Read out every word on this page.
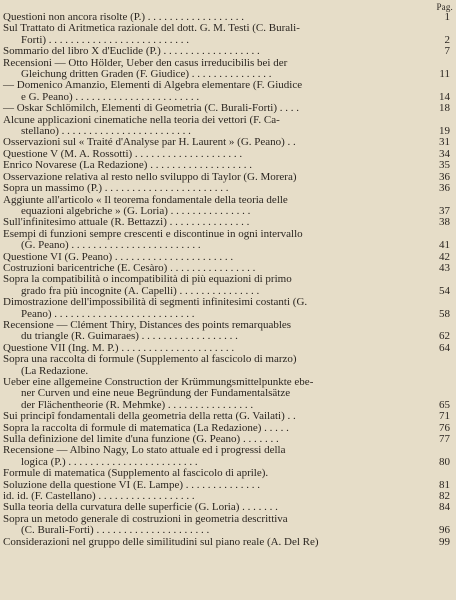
Pag.
Questioni non ancora risolte (P.) . . . . . . . . . . . . . . . . . .	1
Sul Trattato di Aritmetica razionale del dott. G. M. Testi (C. Burali-
Forti) . . . . . . . . . . . . . . . . . . . . . . . . . .	2
Sommario del libro X d'Euclide (P.) . . . . . . . . . . . . . . . . . .	7
Recensioni — Otto Hölder, Ueber den casus irreducibilis bei der
Gleichung dritten Graden (F. Giudice) . . . . . . . . . . . . . . .	11
— Domenico Amanzio, Elementi di Algebra elementare (F. Giudice
e G. Peano) . . . . . . . . . . . . . . . . . . . . . . .	14
— Oskar Schlömilch, Elementi di Geometria (C. Burali-Forti) . . . .	18
Alcune applicazioni cinematiche nella teoria dei vettori (F. Ca-
stellano) . . . . . . . . . . . . . . . . . . . . . . . .	19
Osservazioni sul « Traité d'Analyse par H. Laurent » (G. Peano) . .	31
Questione V (M. A. Rossotti) . . . . . . . . . . . . . . . . . . . .	34
Enrico Novarese (La Redazione) . . . . . . . . . . . . . . . . . . .	35
Osservazione relativa al resto nello sviluppo di Taylor (G. Morera)	36
Sopra un massimo (P.) . . . . . . . . . . . . . . . . . . . . . . .	36
Aggiunte all'articolo « Il teorema fondamentale della teoria delle
equazioni algebriche » (G. Loria) . . . . . . . . . . . . . . .	37
Sull'infinitesimo attuale (R. Bettazzi) . . . . . . . . . . . . . . .	38
Esempi di funzioni sempre crescenti e discontinue in ogni intervallo
(G. Peano) . . . . . . . . . . . . . . . . . . . . . . . .	41
Questione VI (G. Peano) . . . . . . . . . . . . . . . . . . . . . .	42
Costruzioni baricentriche (E. Cesàro) . . . . . . . . . . . . . . . .	43
Sopra la compatibilità o incompatibilità di più equazioni di primo
grado fra più incognite (A. Capelli) . . . . . . . . . . . . . . .	54
Dimostrazione dell'impossibilità di segmenti infinitesimi costanti (G.
Peano) . . . . . . . . . . . . . . . . . . . . . . . . . .	58
Recensione — Clément Thiry, Distances des points remarquables
du triangle (R. Guimaraes) . . . . . . . . . . . . . . . . . .	62
Questione VII (Ing. M. P.) . . . . . . . . . . . . . . . . . . . . .	64
Sopra una raccolta di formule (Supplemento al fascicolo di marzo)
(La Redazione.
Ueber eine allgemeine Construction der Krümmungsmittelpunkte ebe-
ner Curven und eine neue Begründung der Fundamentalsätze
der Flächentheorie (R. Mehmke) . . . . . . . . . . . . . . . .	65
Sui principî fondamentali della geometria della retta (G. Vailati) . .	71
Sopra la raccolta di formule di matematica (La Redazione) . . . . .	76
Sulla definizione del limite d'una funzione (G. Peano) . . . . . . .	77
Recensione — Albino Nagy, Lo stato attuale ed i progressi della
logica (P.) . . . . . . . . . . . . . . . . . . . . . . . .	80
Formule di matematica (Supplemento al fascicolo di aprile).
Soluzione della questione VI (E. Lampe) . . . . . . . . . . . . . .	81
id. id. (F. Castellano) . . . . . . . . . . . . . . . . . .	82
Sulla teoria della curvatura delle superficie (G. Loria) . . . . . . .	84
Sopra un metodo generale di costruzioni in geometria descrittiva
(C. Burali-Forti) . . . . . . . . . . . . . . . . . . . . .	96
Considerazioni nel gruppo delle similitudini sul piano reale (A. Del Re)	99
